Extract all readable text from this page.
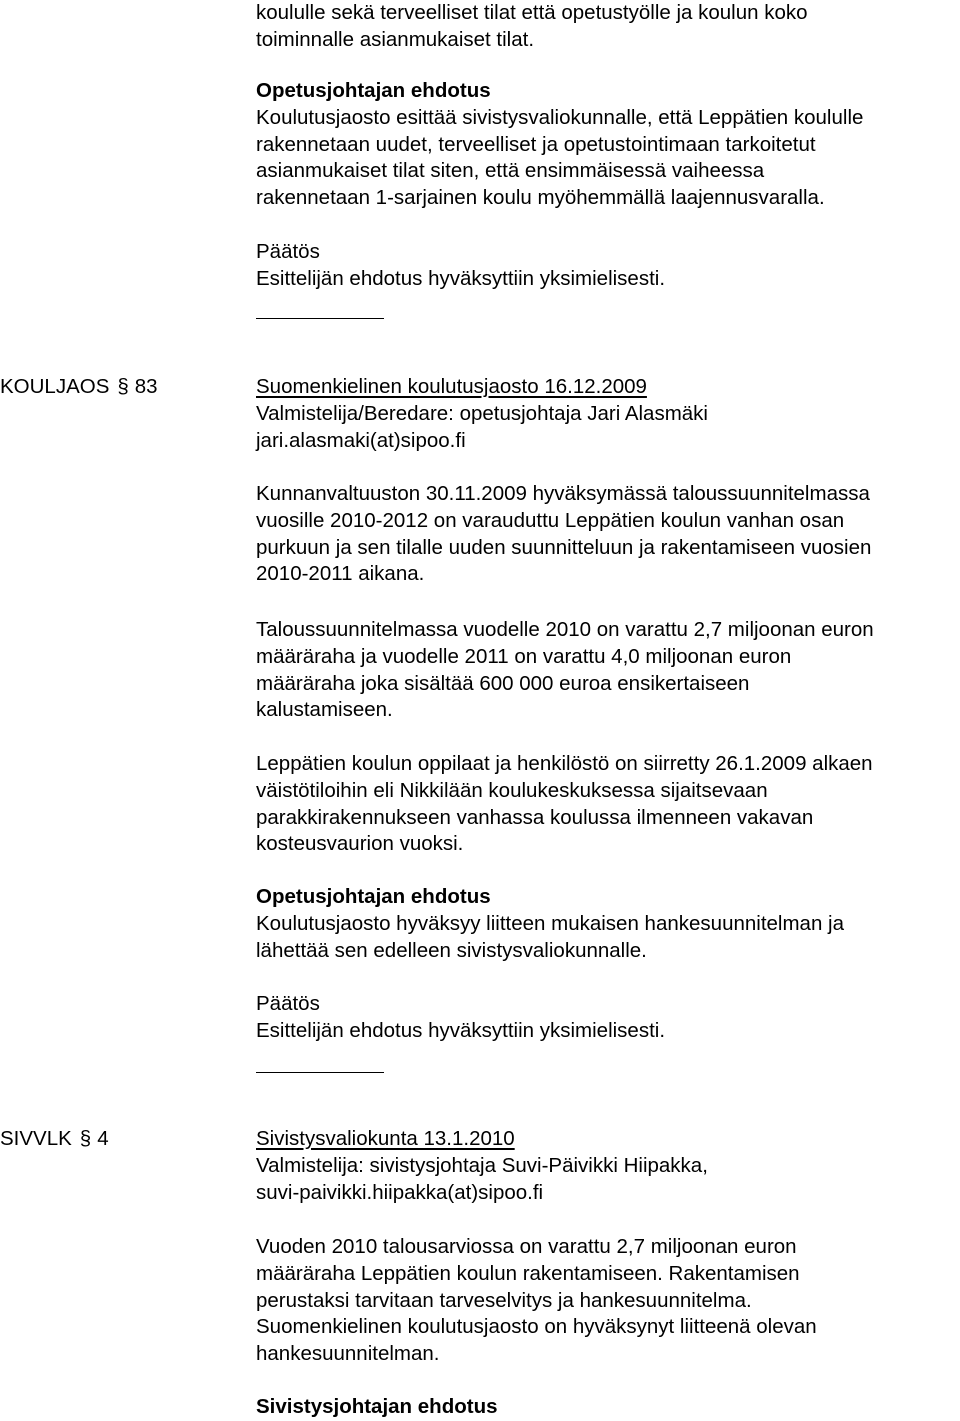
koululle sekä terveelliset tilat että opetustyölle ja koulun koko

toiminnalle asianmukaiset tilat.

Opetusjohtajan ehdotus

Koulutusjaosto esittää sivistysvaliokunnalle, että Leppätien koululle

rakennetaan uudet, terveelliset ja opetustointimaan tarkoitetut

asianmukaiset tilat siten, että ensimmäisessä vaiheessa

rakennetaan 1-sarjainen koulu myöhemmällä laajennusvaralla.

Päätös

Esittelijän ehdotus hyväksyttiin yksimielisesti.

KOULJAOS § 83	Suomenkielinen koulutusjaosto 16.12.2009

Valmistelija/Beredare: opetusjohtaja Jari Alasmäki

jari.alasmaki(at)sipoo.fi

Kunnanvaltuuston 30.11.2009 hyväksymässä taloussuunnitelmassa

vuosille 2010-2012 on varauduttu Leppätien koulun vanhan osan

purkuun ja sen tilalle uuden suunnitteluun ja rakentamiseen vuosien

2010-2011 aikana.

Taloussuunnitelmassa vuodelle 2010 on varattu 2,7 miljoonan euron

määräraha ja vuodelle 2011 on varattu 4,0 miljoonan euron

määräraha joka sisältää 600 000 euroa ensikertaiseen

kalustamiseen.

Leppätien koulun oppilaat ja henkilöstö on siirretty 26.1.2009 alkaen

väistötiloihin eli Nikkilään koulukeskuksessa sijaitsevaan

parakkirakennukseen vanhassa koulussa ilmenneen vakavan

kosteusvaurion vuoksi.

Opetusjohtajan ehdotus

Koulutusjaosto hyväksyy liitteen mukaisen hankesuunnitelman ja

lähettää sen edelleen sivistysvaliokunnalle.

Päätös

Esittelijän ehdotus hyväksyttiin yksimielisesti.

SIVVLK § 4	Sivistysvaliokunta 13.1.2010

Valmistelija: sivistysjohtaja Suvi-Päivikki Hiipakka,

suvi-paivikki.hiipakka(at)sipoo.fi

Vuoden 2010 talousarviossa on varattu 2,7 miljoonan euron

määräraha Leppätien koulun rakentamiseen. Rakentamisen

perustaksi tarvitaan tarveselvitys ja hankesuunnitelma.

Suomenkielinen koulutusjaosto on hyväksynyt liitteenä olevan

hankesuunnitelman.

Sivistysjohtajan ehdotus
